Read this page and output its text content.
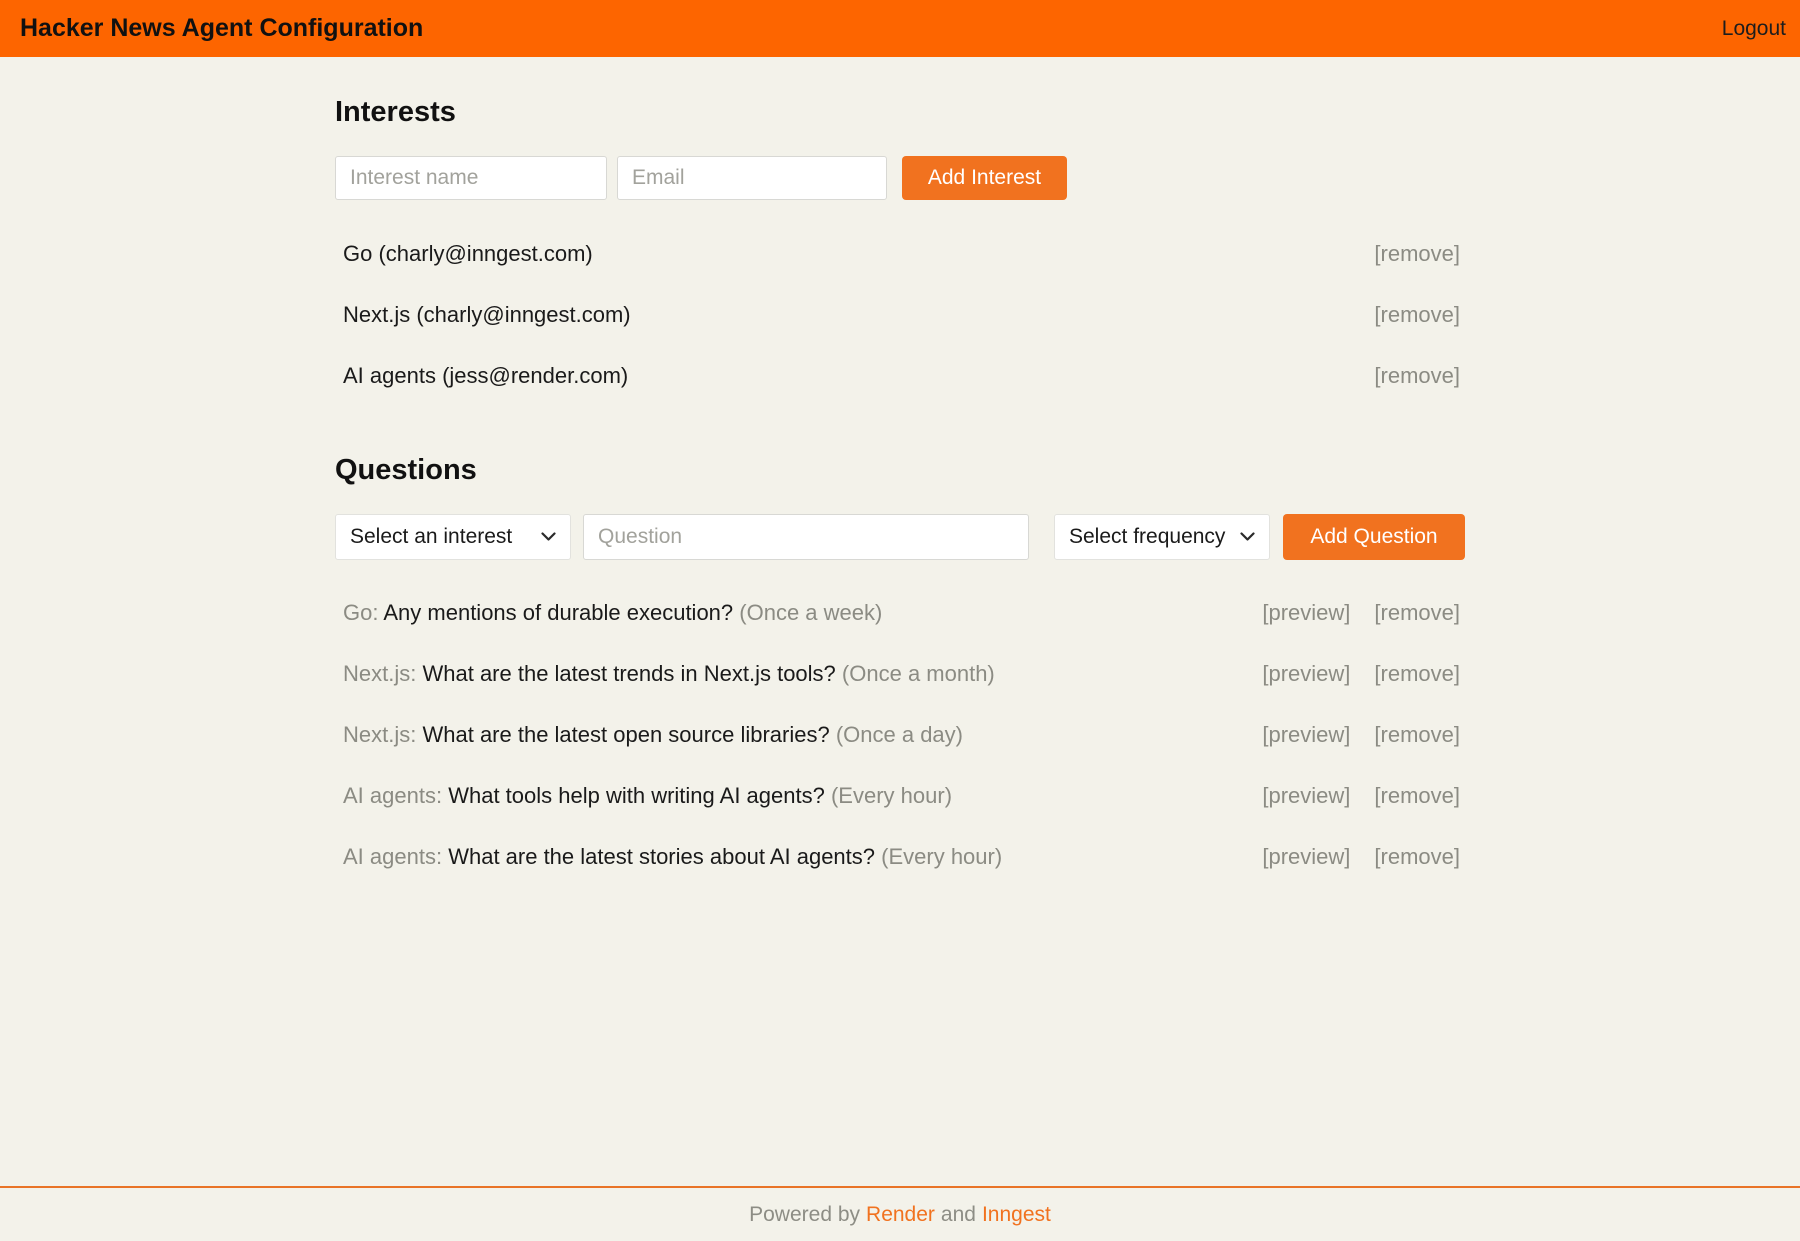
Hacker News Agent Configuration	Logout
Interests
Interest name
Email
Add Interest
Go (charly@inngest.com)	[remove]
Next.js (charly@inngest.com)	[remove]
AI agents (jess@render.com)	[remove]
Questions
Select an interest
Question	Select frequency	Add Question
Go: Any mentions of durable execution? (Once a week)	[preview] [remove]
Next.js: What are the latest trends in Next.js tools? (Once a month)	[preview] [remove]
Next.js: What are the latest open source libraries? (Once a day)	[preview] [remove]
AI agents: What tools help with writing AI agents? (Every hour)	[preview] [remove]
AI agents: What are the latest stories about AI agents? (Every hour)	[preview] [remove]
Powered by Render and Inngest
